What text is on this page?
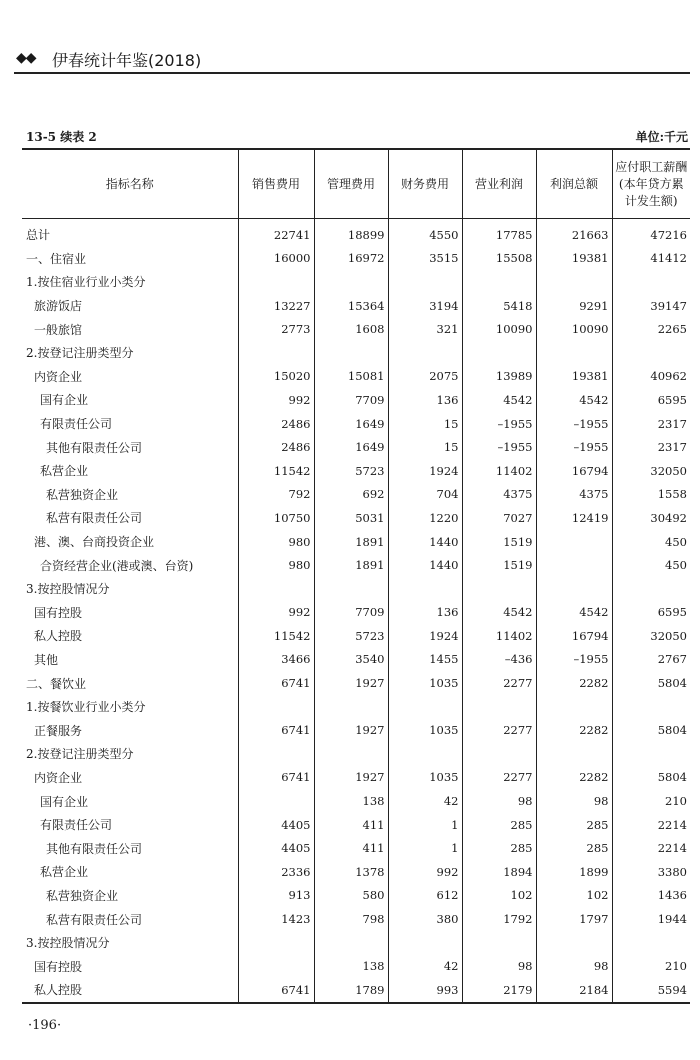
◆◆ 伊春统计年鉴(2018)
13-5 续表 2	单位:千元
指标名称	销售费用	管理费用	财务费用	营业利润	利润总额	应付职工薪酬(本年贷方累计发生额)
总计	22741	18899	4550	17785	21663	47216
一、住宿业	16000	16972	3515	15508	19381	41412
1.按住宿业行业小类分						
旅游饭店	13227	15364	3194	5418	9291	39147
一般旅馆	2773	1608	321	10090	10090	2265
2.按登记注册类型分						
内资企业	15020	15081	2075	13989	19381	40962
国有企业	992	7709	136	4542	4542	6595
有限责任公司	2486	1649	15	–1955	–1955	2317
其他有限责任公司	2486	1649	15	–1955	–1955	2317
私营企业	11542	5723	1924	11402	16794	32050
私营独资企业	792	692	704	4375	4375	1558
私营有限责任公司	10750	5031	1220	7027	12419	30492
港、澳、台商投资企业	980	1891	1440	1519		450
合资经营企业(港或澳、台资)	980	1891	1440	1519		450
3.按控股情况分						
国有控股	992	7709	136	4542	4542	6595
私人控股	11542	5723	1924	11402	16794	32050
其他	3466	3540	1455	–436	–1955	2767
二、餐饮业	6741	1927	1035	2277	2282	5804
1.按餐饮业行业小类分						
正餐服务	6741	1927	1035	2277	2282	5804
2.按登记注册类型分						
内资企业	6741	1927	1035	2277	2282	5804
国有企业		138	42	98	98	210
有限责任公司	4405	411	1	285	285	2214
其他有限责任公司	4405	411	1	285	285	2214
私营企业	2336	1378	992	1894	1899	3380
私营独资企业	913	580	612	102	102	1436
私营有限责任公司	1423	798	380	1792	1797	1944
3.按控股情况分						
国有控股		138	42	98	98	210
私人控股	6741	1789	993	2179	2184	5594
·196·
